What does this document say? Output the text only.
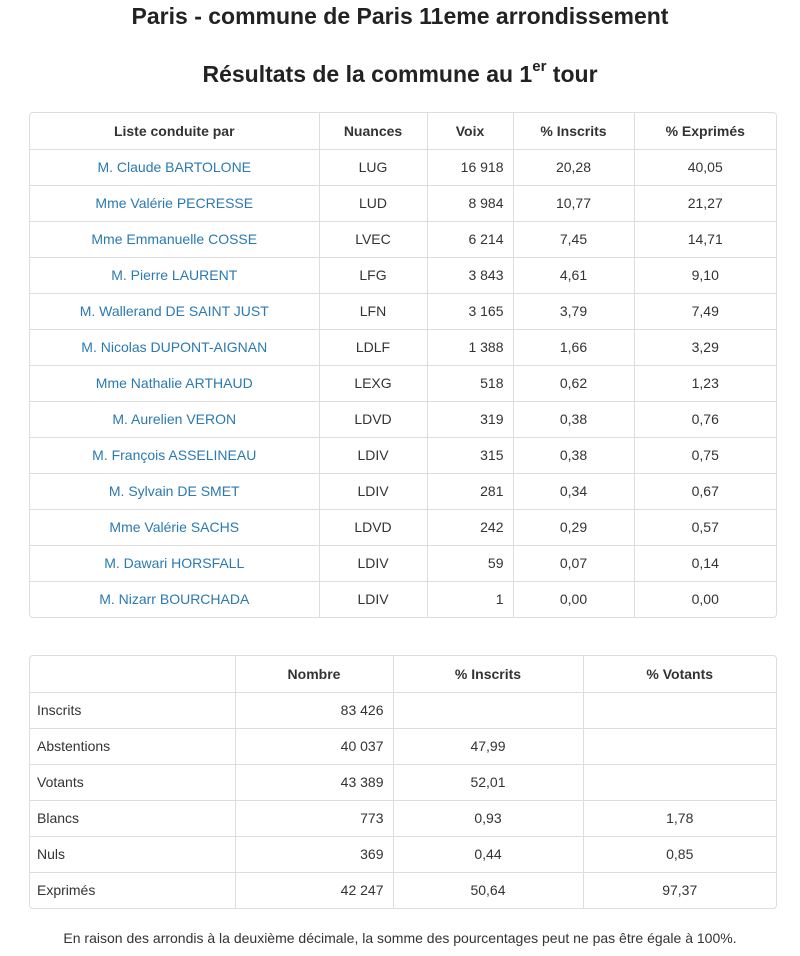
Paris - commune de Paris 11eme arrondissement
Résultats de la commune au 1er tour
Liste conduite par	Nuances	Voix	% Inscrits	% Exprimés
M. Claude BARTOLONE	LUG	16 918	20,28	40,05
Mme Valérie PECRESSE	LUD	8 984	10,77	21,27
Mme Emmanuelle COSSE	LVEC	6 214	7,45	14,71
M. Pierre LAURENT	LFG	3 843	4,61	9,10
M. Wallerand DE SAINT JUST	LFN	3 165	3,79	7,49
M. Nicolas DUPONT-AIGNAN	LDLF	1 388	1,66	3,29
Mme Nathalie ARTHAUD	LEXG	518	0,62	1,23
M. Aurelien VERON	LDVD	319	0,38	0,76
M. François ASSELINEAU	LDIV	315	0,38	0,75
M. Sylvain DE SMET	LDIV	281	0,34	0,67
Mme Valérie SACHS	LDVD	242	0,29	0,57
M. Dawari HORSFALL	LDIV	59	0,07	0,14
M. Nizarr BOURCHADA	LDIV	1	0,00	0,00
	Nombre	% Inscrits	% Votants
Inscrits	83 426		
Abstentions	40 037	47,99	
Votants	43 389	52,01	
Blancs	773	0,93	1,78
Nuls	369	0,44	0,85
Exprimés	42 247	50,64	97,37

En raison des arrondis à la deuxième décimale, la somme des pourcentages peut ne pas être égale à 100%.
